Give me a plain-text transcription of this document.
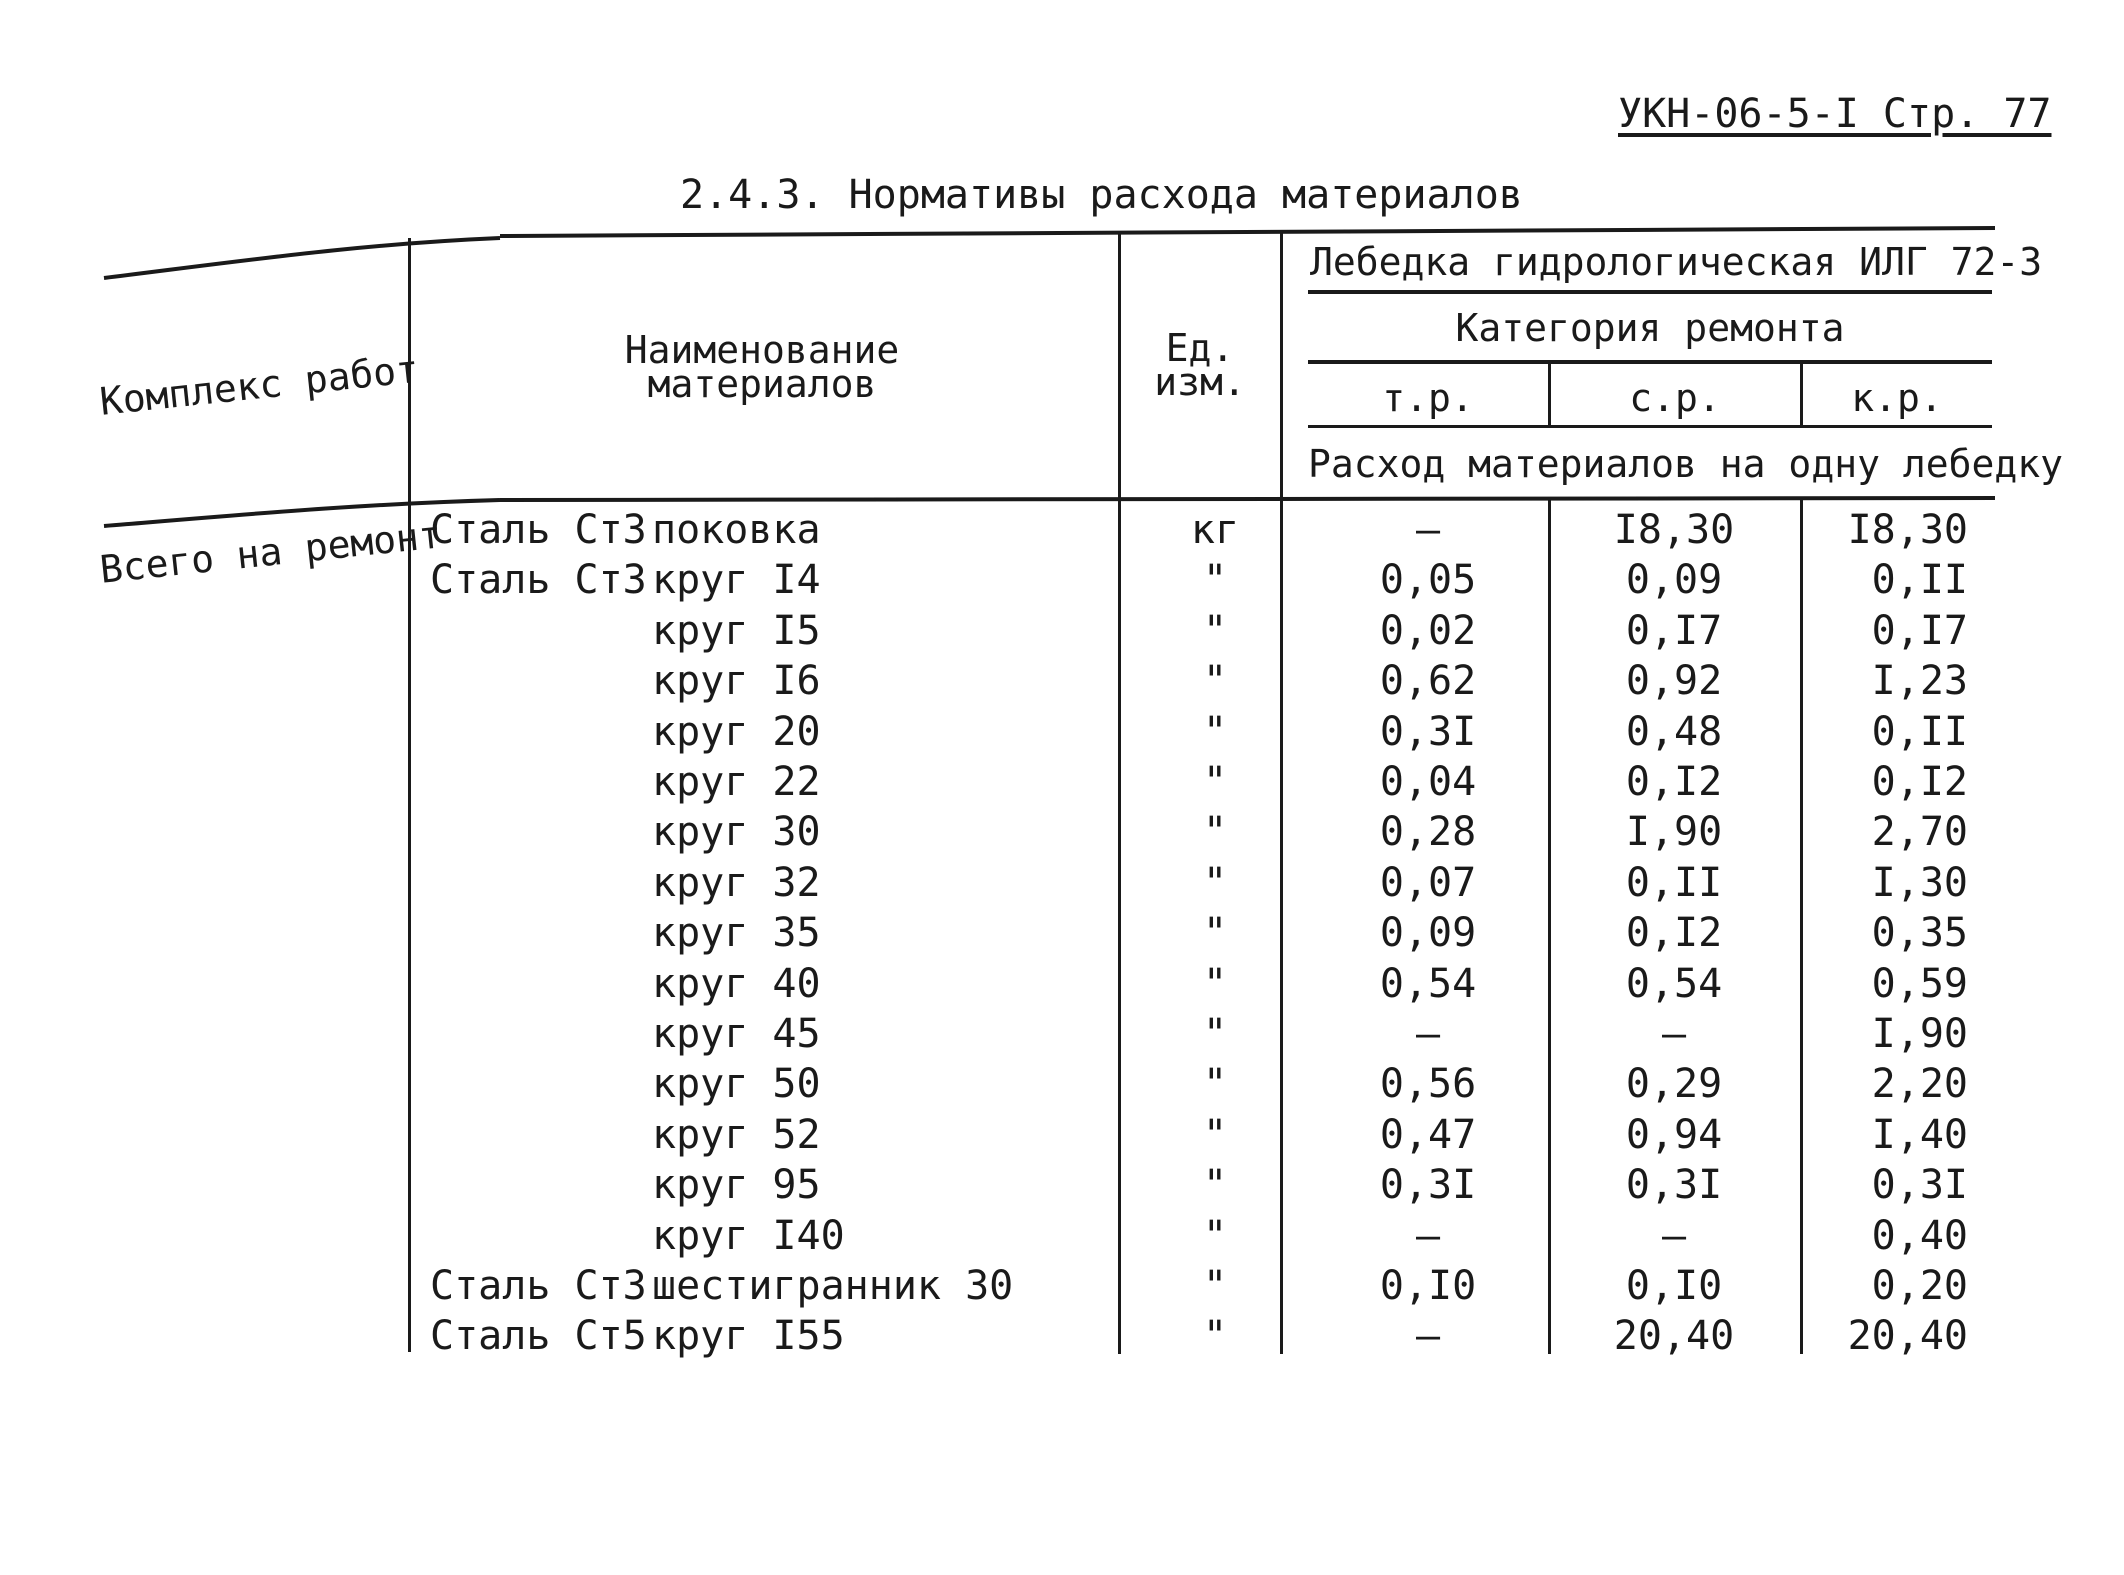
УКН-06-5-I Стр. 77
2.4.3. Нормативы расхода материалов
Комплекс работ	Наименование
материалов
Ед.
изм.
Лебедка гидрологическая ИЛГ 72-3
Категория ремонта
т.р.	с.р.	к.р.
Расход материалов на одну лебедку
Всего на ремонт
Сталь Ст3 поковка	кг	–	I8,30	I8,30
Сталь Ст3 круг I4	"	0,05	0,09	0,II
круг I5	"	0,02	0,I7	0,I7
круг I6	"	0,62	0,92	I,23
круг 20	"	0,3I	0,48	0,II
круг 22	"	0,04	0,I2	0,I2
круг 30	"	0,28	I,90	2,70
круг 32	"	0,07	0,II	I,30
круг 35	"	0,09	0,I2	0,35
круг 40	"	0,54	0,54	0,59
круг 45	"	–	–	I,90
круг 50	"	0,56	0,29	2,20
круг 52	"	0,47	0,94	I,40
круг 95	"	0,3I	0,3I	0,3I
круг I40	"	–	–	0,40
Сталь Ст3 шестигранник 30	"	0,I0	0,I0	0,20
Сталь Ст5 круг I55	"	–	20,40	20,40
